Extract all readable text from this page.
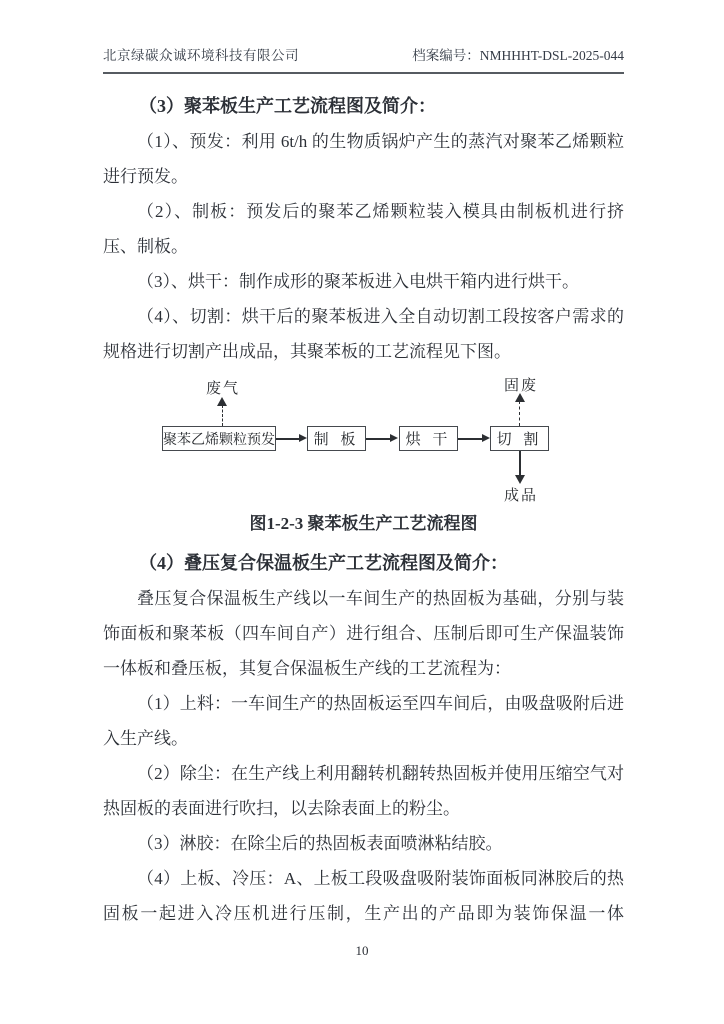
北京绿碳众诚环境科技有限公司	档案编号：NMHHHT-DSL-2025-044

（3）聚苯板生产工艺流程图及简介：

（1）、预发：利用 6t/h 的生物质锅炉产生的蒸汽对聚苯乙烯颗粒进行预发。

（2）、制板：预发后的聚苯乙烯颗粒装入模具由制板机进行挤压、制板。

（3）、烘干：制作成形的聚苯板进入电烘干箱内进行烘干。

（4）、切割：烘干后的聚苯板进入全自动切割工段按客户需求的规格进行切割产出成品，其聚苯板的工艺流程见下图。

废气
聚苯乙烯颗粒预发	制 板	烘 干	切 割
固废
成品
图1-2-3 聚苯板生产工艺流程图

（4）叠压复合保温板生产工艺流程图及简介：

叠压复合保温板生产线以一车间生产的热固板为基础，分别与装饰面板和聚苯板（四车间自产）进行组合、压制后即可生产保温装饰一体板和叠压板，其复合保温板生产线的工艺流程为：

（1）上料：一车间生产的热固板运至四车间后，由吸盘吸附后进入生产线。

（2）除尘：在生产线上利用翻转机翻转热固板并使用压缩空气对热固板的表面进行吹扫，以去除表面上的粉尘。

（3）淋胶：在除尘后的热固板表面喷淋粘结胶。

（4）上板、冷压：A、上板工段吸盘吸附装饰面板同淋胶后的热固板一起进入冷压机进行压制，生产出的产品即为装饰保温一体

10
